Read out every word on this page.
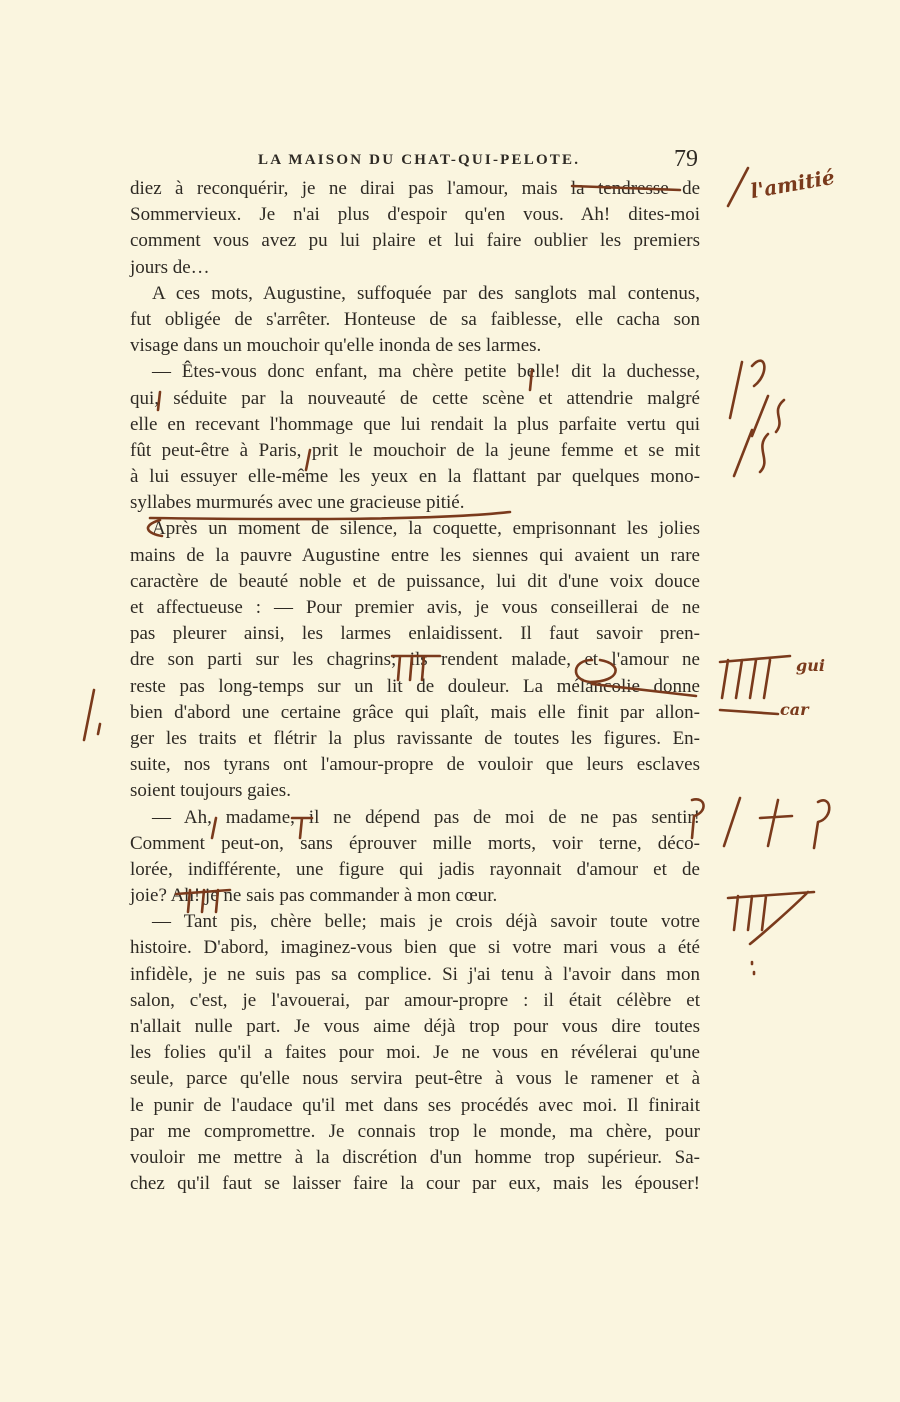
LA MAISON DU CHAT-QUI-PELOTE.	79
diez à reconquérir, je ne dirai pas l'amour, mais la tendresse de
Sommervieux. Je n'ai plus d'espoir qu'en vous. Ah! dites-moi
comment vous avez pu lui plaire et lui faire oublier les premiers
jours de…
A ces mots, Augustine, suffoquée par des sanglots mal contenus,
fut obligée de s'arrêter. Honteuse de sa faiblesse, elle cacha son
visage dans un mouchoir qu'elle inonda de ses larmes.
— Êtes-vous donc enfant, ma chère petite belle! dit la duchesse,
qui, séduite par la nouveauté de cette scène et attendrie malgré
elle en recevant l'hommage que lui rendait la plus parfaite vertu qui
fût peut-être à Paris, prit le mouchoir de la jeune femme et se mit
à lui essuyer elle-même les yeux en la flattant par quelques mono-
syllabes murmurés avec une gracieuse pitié.
Après un moment de silence, la coquette, emprisonnant les jolies
mains de la pauvre Augustine entre les siennes qui avaient un rare
caractère de beauté noble et de puissance, lui dit d'une voix douce
et affectueuse : — Pour premier avis, je vous conseillerai de ne
pas pleurer ainsi, les larmes enlaidissent. Il faut savoir pren-
dre son parti sur les chagrins; ils rendent malade, et l'amour ne
reste pas long-temps sur un lit de douleur. La mélancolie donne
bien d'abord une certaine grâce qui plaît, mais elle finit par allon-
ger les traits et flétrir la plus ravissante de toutes les figures. En-
suite, nos tyrans ont l'amour-propre de vouloir que leurs esclaves
soient toujours gaies.
— Ah, madame, il ne dépend pas de moi de ne pas sentir!
Comment peut-on, sans éprouver mille morts, voir terne, déco-
lorée, indifférente, une figure qui jadis rayonnait d'amour et de
joie? Ah! je ne sais pas commander à mon cœur.
— Tant pis, chère belle; mais je crois déjà savoir toute votre
histoire. D'abord, imaginez-vous bien que si votre mari vous a été
infidèle, je ne suis pas sa complice. Si j'ai tenu à l'avoir dans mon
salon, c'est, je l'avouerai, par amour-propre : il était célèbre et
n'allait nulle part. Je vous aime déjà trop pour vous dire toutes
les folies qu'il a faites pour moi. Je ne vous en révélerai qu'une
seule, parce qu'elle nous servira peut-être à vous le ramener et à
le punir de l'audace qu'il met dans ses procédés avec moi. Il finirait
par me compromettre. Je connais trop le monde, ma chère, pour
vouloir me mettre à la discrétion d'un homme trop supérieur. Sa-
chez qu'il faut se laisser faire la cour par eux, mais les épouser!
l'amitié
gui
car
